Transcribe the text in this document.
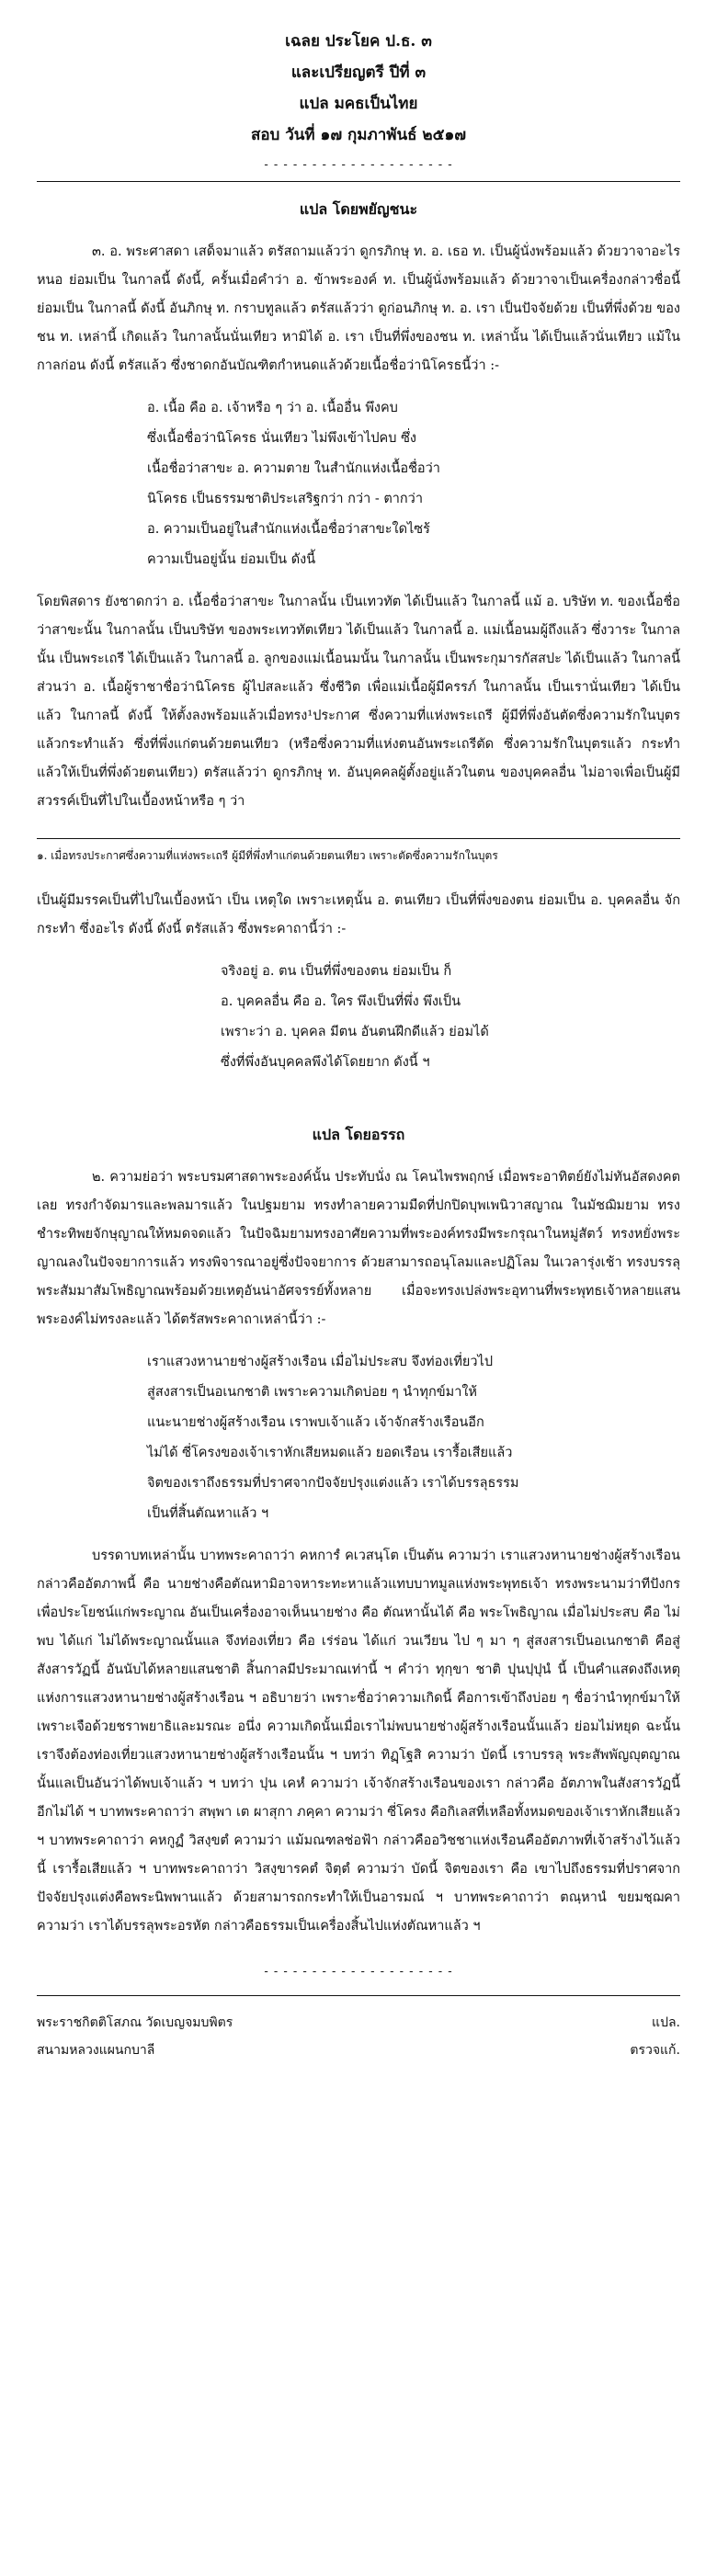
เฉลย ประโยค ป.ธ. ๓
และเปรียญตรี ปีที่ ๓
แปล มคธเป็นไทย
สอบ วันที่ ๑๗ กุมภาพันธ์ ๒๕๑๗
- - - - - - - - - - - - - - - - - - - -
แปล โดยพยัญชนะ

๓. อ. พระศาสดา เสด็จมาแล้ว ตรัสถามแล้วว่า ดูกรภิกษุ ท. อ. เธอ ท. เป็นผู้นั่งพร้อมแล้ว ด้วยวาจาอะไรหนอ ย่อมเป็น ในกาลนี้ ดังนี้, ครั้นเมื่อคำว่า อ. ข้าพระองค์ ท. เป็นผู้นั่งพร้อมแล้ว ด้วยวาจาเป็นเครื่องกล่าวชื่อนี้ ย่อมเป็น ในกาลนี้ ดังนี้ อันภิกษุ ท. กราบทูลแล้ว ตรัสแล้วว่า ดูก่อนภิกษุ ท. อ. เรา เป็นปัจจัยด้วย เป็นที่พึ่งด้วย ของชน ท. เหล่านี้ เกิดแล้ว ในกาลนั้นนั่นเทียว หามิได้ อ. เรา เป็นที่พึ่งของชน ท. เหล่านั้น ได้เป็นแล้วนั่นเทียว แม้ในกาลก่อน ดังนี้ ตรัสแล้ว ซึ่งชาดกอันบัณฑิตกำหนดแล้วด้วยเนื้อชื่อว่านิโครธนี้ว่า :-

อ. เนื้อ คือ อ. เจ้าหรือ ๆ ว่า อ. เนื้ออื่น พึงคบ
ซึ่งเนื้อชื่อว่านิโครธ นั่นเทียว ไม่พึงเข้าไปคบ ซึ่ง
เนื้อชื่อว่าสาขะ อ. ความตาย ในสำนักแห่งเนื้อชื่อว่า
นิโครธ เป็นธรรมชาติประเสริฐกว่า กว่า - ตากว่า
อ. ความเป็นอยู่ในสำนักแห่งเนื้อชื่อว่าสาขะใดไซร้
ความเป็นอยู่นั้น ย่อมเป็น ดังนี้

โดยพิสดาร ยังชาดกว่า อ. เนื้อชื่อว่าสาขะ ในกาลนั้น เป็นเทวทัต ได้เป็นแล้ว ในกาลนี้ แม้ อ. บริษัท ท. ของเนื้อชื่อว่าสาขะนั้น ในกาลนั้น เป็นบริษัท ของพระเทวทัตเทียว ได้เป็นแล้ว ในกาลนี้ อ. แม่เนื้อนมผู้ถึงแล้ว ซึ่งวาระ ในกาลนั้น เป็นพระเถรี ได้เป็นแล้ว ในกาลนี้ อ. ลูกของแม่เนื้อนมนั้น ในกาลนั้น เป็นพระกุมารกัสสปะ ได้เป็นแล้ว ในกาลนี้ ส่วนว่า อ. เนื้อผู้ราชาชื่อว่านิโครธ ผู้ไปสละแล้ว ซึ่งชีวิต เพื่อแม่เนื้อผู้มีครรภ์ ในกาลนั้น เป็นเรานั่นเทียว ได้เป็นแล้ว ในกาลนี้ ดังนี้ ให้ตั้งลงพร้อมแล้วเมื่อทรง¹ประกาศ ซึ่งความที่แห่งพระเถรี ผู้มีที่พึ่งอันตัดซึ่งความรักในบุตรแล้วกระทำแล้ว ซึ่งที่พึ่งแก่ตนด้วยตนเทียว (หรือซึ่งความที่แห่งตนอันพระเถรีตัด ซึ่งความรักในบุตรแล้ว กระทำแล้วให้เป็นที่พึ่งด้วยตนเทียว) ตรัสแล้วว่า ดูกรภิกษุ ท. อันบุคคลผู้ตั้งอยู่แล้วในตน ของบุคคลอื่น ไม่อาจเพื่อเป็นผู้มีสวรรค์เป็นที่ไปในเบื้องหน้าหรือ ๆ ว่า

๑. เมื่อทรงประกาศซึ่งความที่แห่งพระเถรี ผู้มีที่พึ่งทำแก่ตนด้วยตนเทียว เพราะตัดซึ่งความรักในบุตร

เป็นผู้มีมรรคเป็นที่ไปในเบื้องหน้า เป็น เหตุใด เพราะเหตุนั้น อ. ตนเทียว เป็นที่พึ่งของตน ย่อมเป็น อ. บุคคลอื่น จักกระทำ ซึ่งอะไร ดังนี้ ดังนี้ ตรัสแล้ว ซึ่งพระคาถานี้ว่า :-

จริงอยู่ อ. ตน เป็นที่พึ่งของตน ย่อมเป็น ก็
อ. บุคคลอื่น คือ อ. ใคร พึงเป็นที่พึ่ง พึงเป็น
เพราะว่า อ. บุคคล มีตน อันตนฝึกดีแล้ว ย่อมได้
ซึ่งที่พึ่งอันบุคคลพึงได้โดยยาก ดังนี้ ฯ
แปล โดยอรรถ

๒. ความย่อว่า พระบรมศาสดาพระองค์นั้น ประทับนั่ง ณ โคนไพรพฤกษ์ เมื่อพระอาทิตย์ยังไม่ทันอัสดงคตเลย ทรงกำจัดมารและพลมารแล้ว ในปฐมยาม ทรงทำลายความมืดที่ปกปิดบุพเพนิวาสญาณ ในมัชฌิมยาม ทรงชำระทิพยจักษุญาณให้หมดจดแล้ว ในปัจฉิมยามทรงอาศัยความที่พระองค์ทรงมีพระกรุณาในหมู่สัตว์ ทรงหยั่งพระญาณลงในปัจจยาการแล้ว ทรงพิจารณาอยู่ซึ่งปัจจยาการ ด้วยสามารถอนุโลมและปฏิโลม ในเวลารุ่งเช้า ทรงบรรลุพระสัมมาสัมโพธิญาณพร้อมด้วยเหตุอันน่าอัศจรรย์ทั้งหลาย เมื่อจะทรงเปล่งพระอุทานที่พระพุทธเจ้าหลายแสนพระองค์ไม่ทรงละแล้ว ได้ตรัสพระคาถาเหล่านี้ว่า :-

เราแสวงหานายช่างผู้สร้างเรือน เมื่อไม่ประสบ จึงท่องเที่ยวไป
สู่สงสารเป็นอเนกชาติ เพราะความเกิดบ่อย ๆ นำทุกข์มาให้
แนะนายช่างผู้สร้างเรือน เราพบเจ้าแล้ว เจ้าจักสร้างเรือนอีก
ไม่ได้ ซี่โครงของเจ้าเราหักเสียหมดแล้ว ยอดเรือน เรารื้อเสียแล้ว
จิตของเราถึงธรรมที่ปราศจากปัจจัยปรุงแต่งแล้ว เราได้บรรลุธรรม
เป็นที่สิ้นตัณหาแล้ว ฯ

บรรดาบทเหล่านั้น บาทพระคาถาว่า คหการํ คเวสนฺโต เป็นต้น ความว่า เราแสวงหานายช่างผู้สร้างเรือนกล่าวคืออัตภาพนี้ คือ นายช่างคือตัณหามิอาจหาระทะหาแล้วแทบบาทมูลแห่งพระพุทธเจ้า ทรงพระนามว่าทีปังกร เพื่อประโยชน์แก่พระญาณ อันเป็นเครื่องอาจเห็นนายช่าง คือ ตัณหานั้นได้ คือ พระโพธิญาณ เมื่อไม่ประสบ คือ ไม่พบ ได้แก่ ไม่ได้พระญาณนั้นแล จึงท่องเที่ยว คือ เร่ร่อน ได้แก่ วนเวียน ไป ๆ มา ๆ สู่สงสารเป็นอเนกชาติ คือสู่สังสารวัฏนี้ อันนับได้หลายแสนชาติ สิ้นกาลมีประมาณเท่านี้ ฯ คำว่า ทุกฺขา ชาติ ปุนปฺปุนํ นี้ เป็นคำแสดงถึงเหตุแห่งการแสวงหานายช่างผู้สร้างเรือน ฯ อธิบายว่า เพราะชื่อว่าความเกิดนี้ คือการเข้าถึงบ่อย ๆ ชื่อว่านำทุกข์มาให้ เพราะเจือด้วยชราพยาธิและมรณะ อนึ่ง ความเกิดนั้นเมื่อเราไม่พบนายช่างผู้สร้างเรือนนั้นแล้ว ย่อมไม่หยุด ฉะนั้น เราจึงต้องท่องเที่ยวแสวงหานายช่างผู้สร้างเรือนนั้น ฯ บทว่า ทิฏฺโฐสิ ความว่า บัดนี้ เราบรรลุ พระสัพพัญญุตญาณ นั้นแลเป็นอันว่าได้พบเจ้าแล้ว ฯ บทว่า ปุน เคหํ ความว่า เจ้าจักสร้างเรือนของเรา กล่าวคือ อัตภาพในสังสารวัฏนี้อีกไม่ได้ ฯ บาทพระคาถาว่า สพฺพา เต ผาสุกา ภคฺคา ความว่า ซี่โครง คือกิเลสที่เหลือทั้งหมดของเจ้าเราหักเสียแล้ว ฯ บาทพระคาถาว่า คหกูฏํ วิสงฺขตํ ความว่า แม้มณฑลช่อฟ้า กล่าวคืออวิชชาแห่งเรือนคืออัตภาพที่เจ้าสร้างไว้แล้วนี้ เรารื้อเสียแล้ว ฯ บาทพระคาถาว่า วิสงฺขารคตํ จิตฺตํ ความว่า บัดนี้ จิตของเรา คือ เขาไปถึงธรรมที่ปราศจากปัจจัยปรุงแต่งคือพระนิพพานแล้ว ด้วยสามารถกระทำให้เป็นอารมณ์ ฯ บาทพระคาถาว่า ตณฺหานํ ขยมชฺฌคา ความว่า เราได้บรรลุพระอรหัต กล่าวคือธรรมเป็นเครื่องสิ้นไปแห่งตัณหาแล้ว ฯ

- - - - - - - - - - - - - - - - - - - -
พระราชกิตติโสภณ วัดเบญจมบพิตร	แปล.
สนามหลวงแผนกบาลี	ตรวจแก้.
